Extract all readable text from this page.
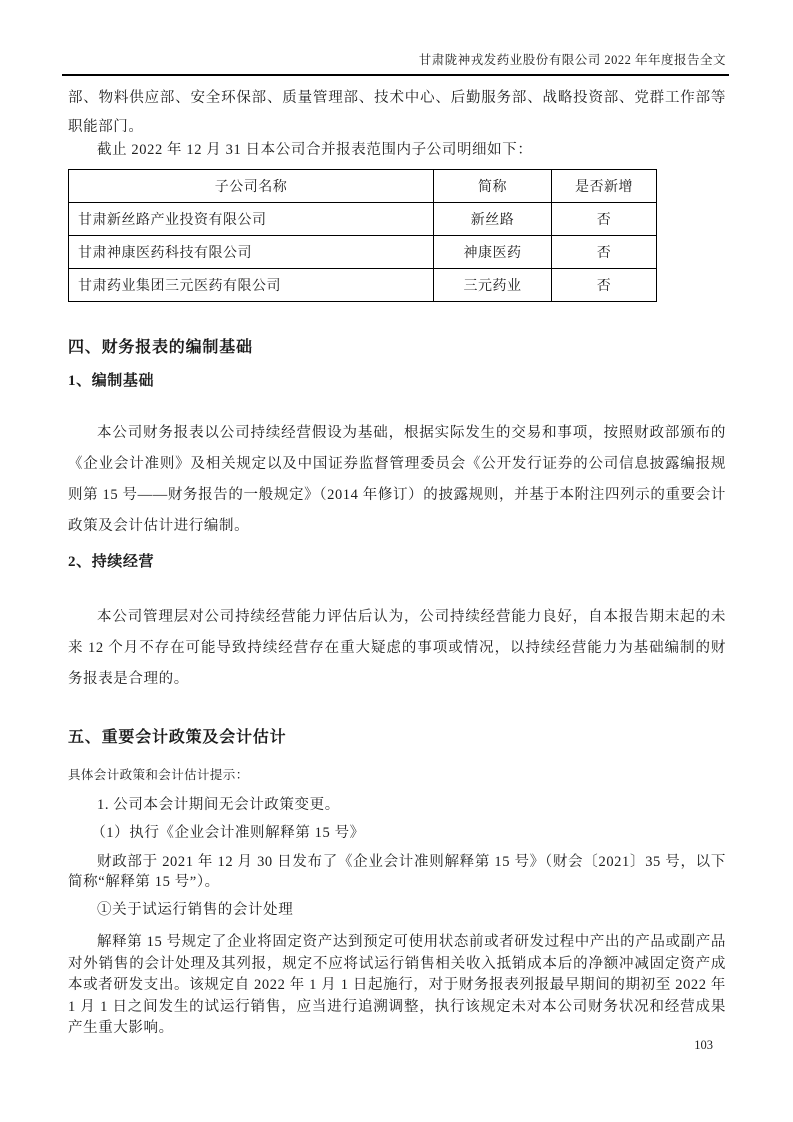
甘肃陇神戎发药业股份有限公司 2022 年年度报告全文
部、物料供应部、安全环保部、质量管理部、技术中心、后勤服务部、战略投资部、党群工作部等职能部门。
截止 2022 年 12 月 31 日本公司合并报表范围内子公司明细如下：
子公司名称	简称	是否新增
甘肃新丝路产业投资有限公司	新丝路	否
甘肃神康医药科技有限公司	神康医药	否
甘肃药业集团三元医药有限公司	三元药业	否
四、财务报表的编制基础
1、编制基础
本公司财务报表以公司持续经营假设为基础，根据实际发生的交易和事项，按照财政部颁布的《企业会计准则》及相关规定以及中国证券监督管理委员会《公开发行证券的公司信息披露编报规则第 15 号——财务报告的一般规定》（2014 年修订）的披露规则，并基于本附注四列示的重要会计政策及会计估计进行编制。
2、持续经营
本公司管理层对公司持续经营能力评估后认为，公司持续经营能力良好，自本报告期末起的未来 12 个月不存在可能导致持续经营存在重大疑虑的事项或情况，以持续经营能力为基础编制的财务报表是合理的。
五、重要会计政策及会计估计
具体会计政策和会计估计提示：
1. 公司本会计期间无会计政策变更。
（1）执行《企业会计准则解释第 15 号》
财政部于 2021 年 12 月 30 日发布了《企业会计准则解释第 15 号》（财会〔2021〕35 号，以下简称“解释第 15 号”）。
①关于试运行销售的会计处理
解释第 15 号规定了企业将固定资产达到预定可使用状态前或者研发过程中产出的产品或副产品对外销售的会计处理及其列报，规定不应将试运行销售相关收入抵销成本后的净额冲减固定资产成本或者研发支出。该规定自 2022 年 1 月 1 日起施行，对于财务报表列报最早期间的期初至 2022 年 1 月 1 日之间发生的试运行销售，应当进行追溯调整，执行该规定未对本公司财务状况和经营成果产生重大影响。
103
